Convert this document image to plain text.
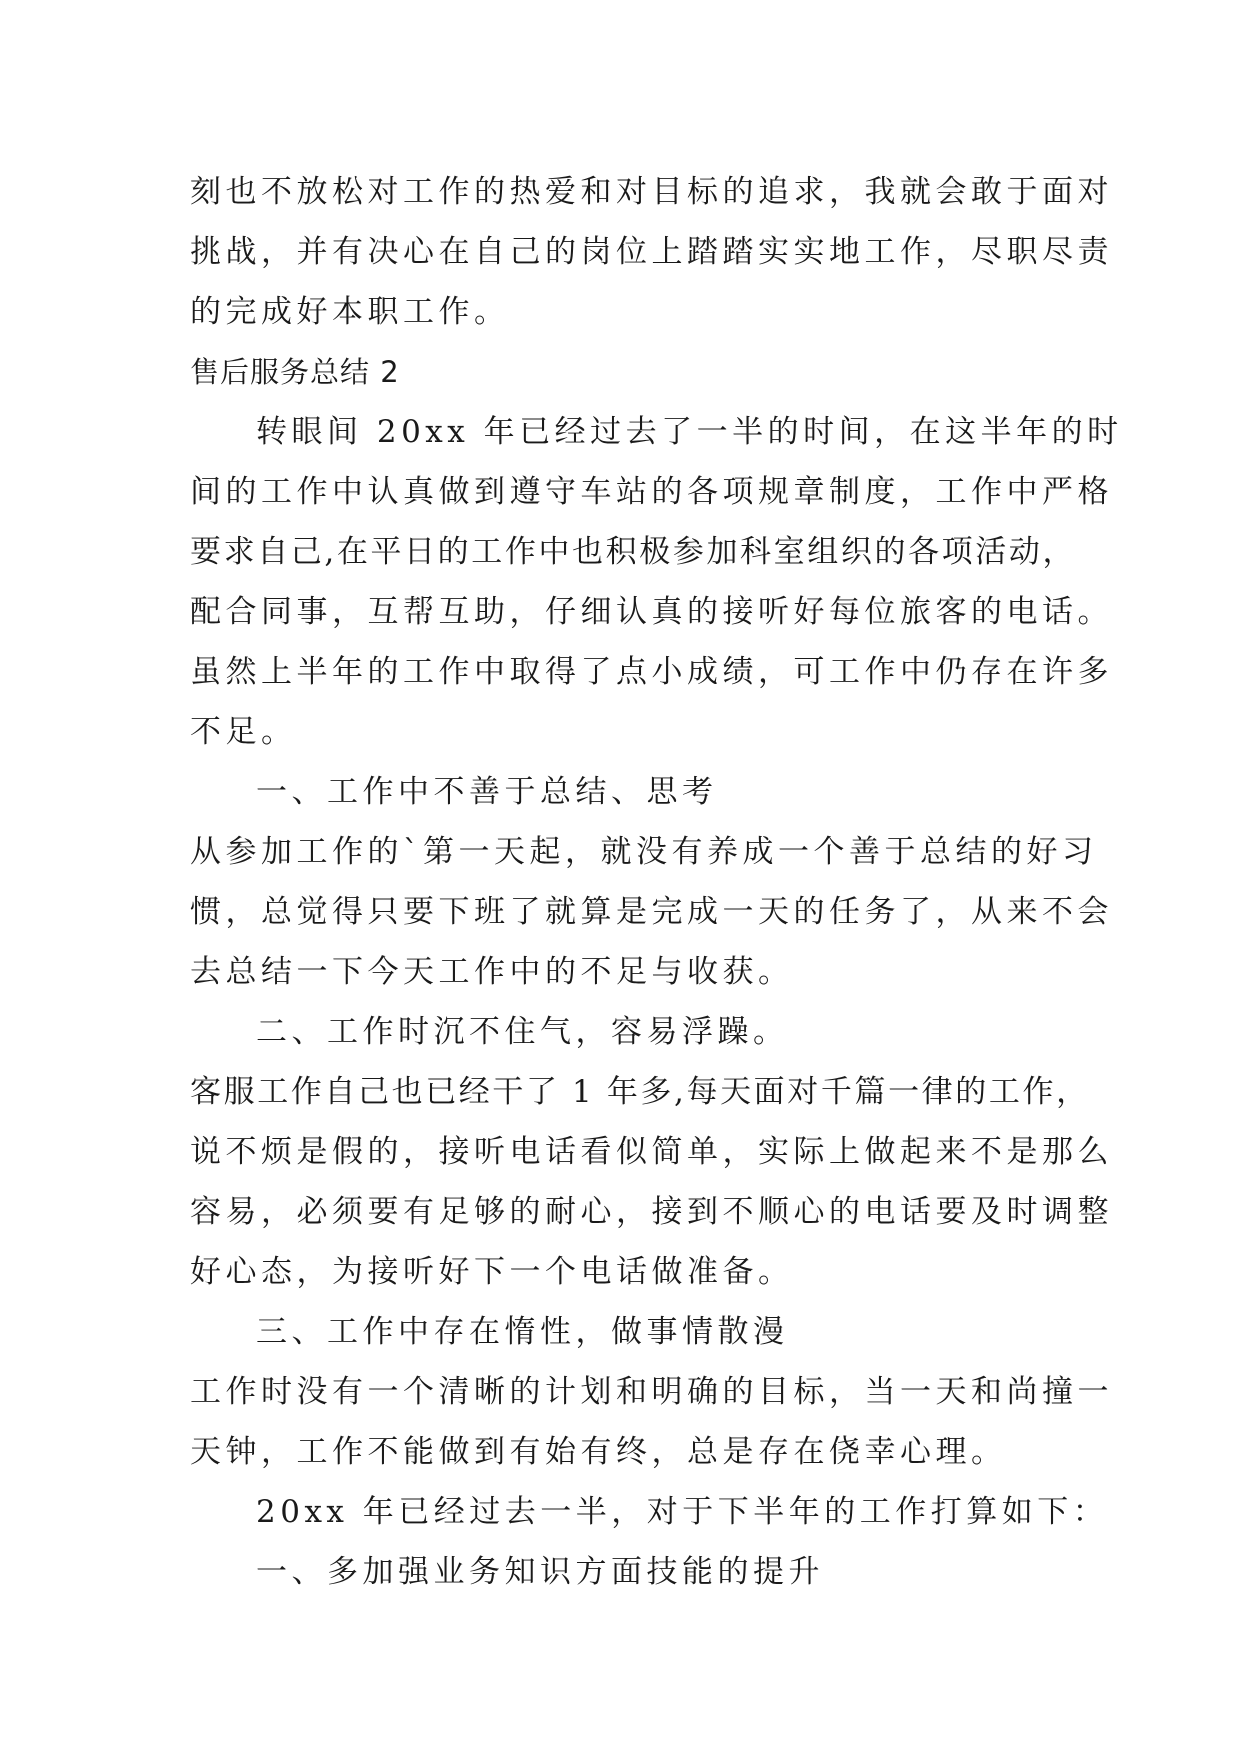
刻也不放松对工作的热爱和对目标的追求，我就会敢于面对
挑战，并有决心在自己的岗位上踏踏实实地工作，尽职尽责
的完成好本职工作。
售后服务总结 2
转眼间 20xx 年已经过去了一半的时间，在这半年的时
间的工作中认真做到遵守车站的各项规章制度，工作中严格
要求自己,在平日的工作中也积极参加科室组织的各项活动，
配合同事，互帮互助，仔细认真的接听好每位旅客的电话。
虽然上半年的工作中取得了点小成绩，可工作中仍存在许多
不足。
一、工作中不善于总结、思考
从参加工作的`第一天起，就没有养成一个善于总结的好习
惯，总觉得只要下班了就算是完成一天的任务了，从来不会
去总结一下今天工作中的不足与收获。
二、工作时沉不住气，容易浮躁。
客服工作自己也已经干了 1 年多,每天面对千篇一律的工作，
说不烦是假的，接听电话看似简单，实际上做起来不是那么
容易，必须要有足够的耐心，接到不顺心的电话要及时调整
好心态，为接听好下一个电话做准备。
三、工作中存在惰性，做事情散漫
工作时没有一个清晰的计划和明确的目标，当一天和尚撞一
天钟，工作不能做到有始有终，总是存在侥幸心理。
20xx 年已经过去一半，对于下半年的工作打算如下：
一、多加强业务知识方面技能的提升
